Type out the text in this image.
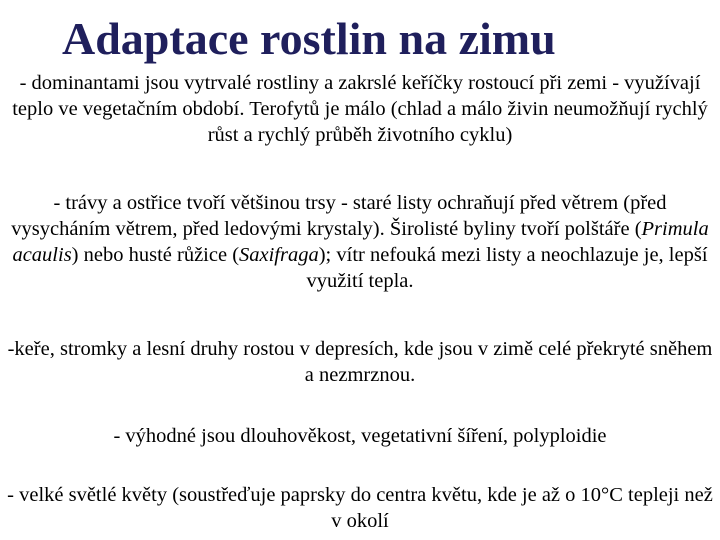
Adaptace rostlin na zimu

- dominantami jsou vytrvalé rostliny a zakrslé keříčky rostoucí při zemi - využívají teplo ve vegetačním období. Terofytů je málo (chlad a málo živin neumožňují rychlý růst a rychlý průběh životního cyklu)

- trávy a ostřice tvoří většinou trsy - staré listy ochraňují před větrem (před vysycháním větrem, před ledovými krystaly). Širolisté byliny tvoří polštáře (Primula acaulis) nebo husté růžice (Saxifraga); vítr nefouká mezi listy a neochlazuje je, lepší využití tepla.

-keře, stromky a lesní druhy rostou v depresích, kde jsou v zimě celé překryté sněhem a nezmrznou.

- výhodné jsou dlouhověkost, vegetativní šíření, polyploidie

- velké světlé květy (soustřeďuje paprsky do centra květu, kde je až o 10°C tepleji než v okolí
